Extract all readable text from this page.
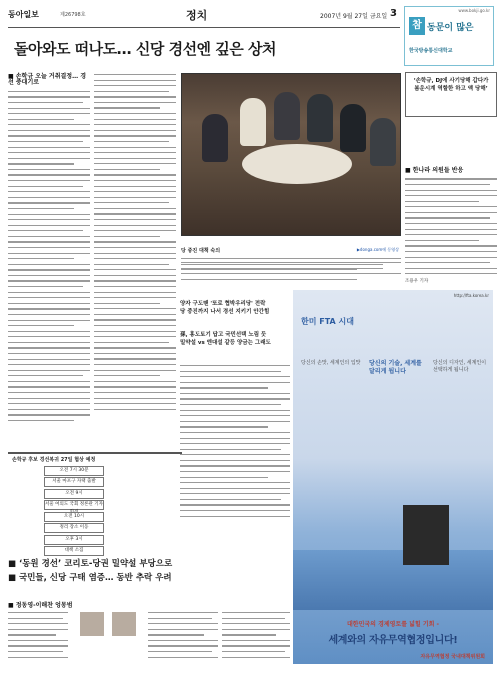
동아일보	제26798호	정치	2007년 9월 27일 금요일 3	www.bokji.go.kr
참 동문이 많은
한국방송통신대학교
돌아와도 떠나도… 신당 경선엔 깊은 상처
■ 손학규 오늘 거취결정… 경선 중대기로
당 중진 대책 숙의	▶donga.com에 동영상
‘손학규, DJ에 사기당해 갑다가 봄운시계 역할한 하고 액 당해’
■ 한나라 의원들 반응
조용우 기자
양자 구도땐 '또로 협박우리당' 전락
당 중진까지 나서 경선 지키기 안간힘
孫, 홍도토기 답고 국민선택 노림 듯
밀약설 vs 엔대설 같등 양금는 그래도
http://fta.korea.kr
한미 FTA 시대
당신의 손맛, 세계인의 입맛 당신의 기술, 세계를 달리게 됩니다
당신의 디자인, 세계인이 선택하게 됩니다
대한민국의 경제영토를 넓힐 기회 -
세계와의 자유무역협정입니다!
자유무역협정 국내대책위원회
손학규 후보 경선복귀 27일 협상 예정
오전 7시 30분
서울 마포구 자택 출발
오전 9시
서울 여의도 국회 정론관 기자
오전 10시
정리 장소 이동
오후 3시
대책 소집
■ ‘동원 경선’ 코리토-당권 밀약설 부당으로
■ 국민들, 신당 구태 염증… 동반 추락 우려
■ 정동영-이해찬 엉몽범
